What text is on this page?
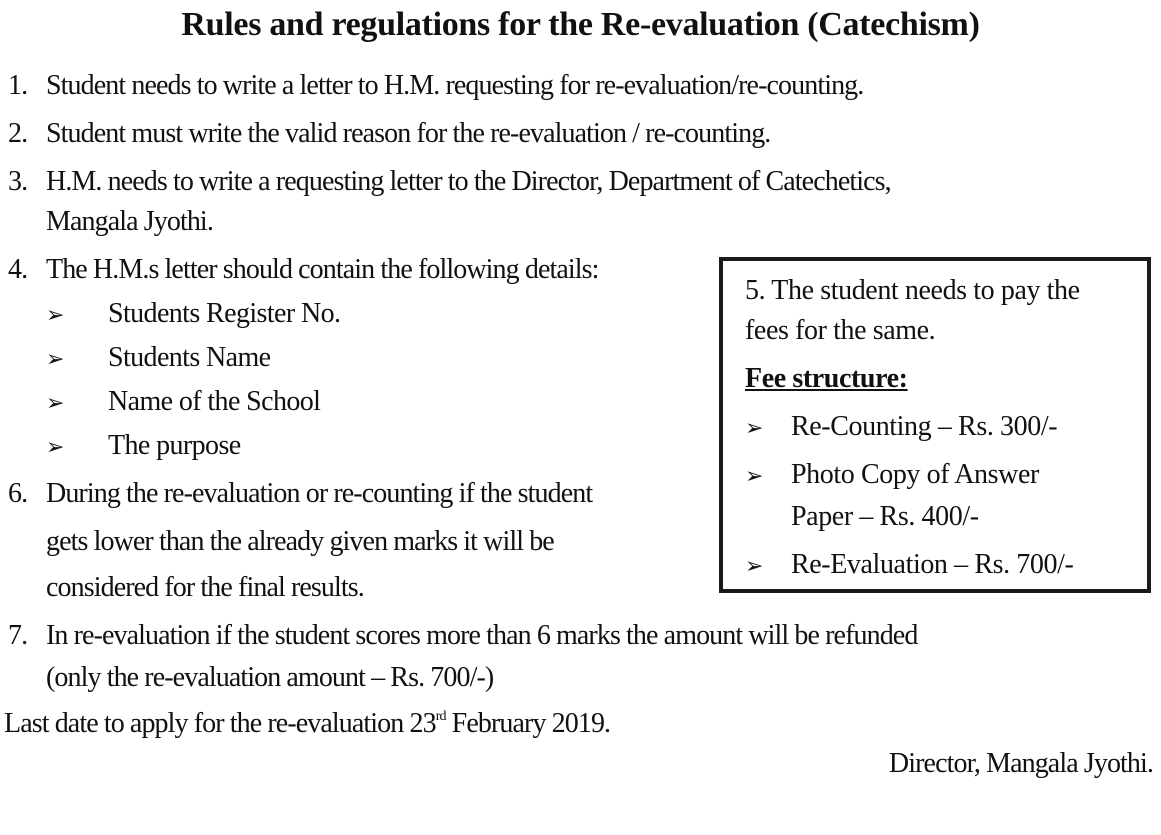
Rules and regulations for the Re-evaluation (Catechism)
1. Student needs to write a letter to H.M. requesting for re-evaluation/re-counting.
2. Student must write the valid reason for the re-evaluation / re-counting.
3. H.M. needs to write a requesting letter to the Director, Department of Catechetics,
Mangala Jyothi.
4. The H.M.s letter should contain the following details:
➢ Students Register No.
➢ Students Name
➢ Name of the School
➢ The purpose
6. During the re-evaluation or re-counting if the student
gets lower than the already given marks it will be
considered for the final results.
5. The student needs to pay the
fees for the same.
Fee structure:
➢ Re-Counting – Rs. 300/-
➢ Photo Copy of Answer
Paper – Rs. 400/-
➢ Re-Evaluation – Rs. 700/-
7. In re-evaluation if the student scores more than 6 marks the amount will be refunded
(only the re-evaluation amount – Rs. 700/-)
Last date to apply for the re-evaluation 23rd February 2019.
Director, Mangala Jyothi.
